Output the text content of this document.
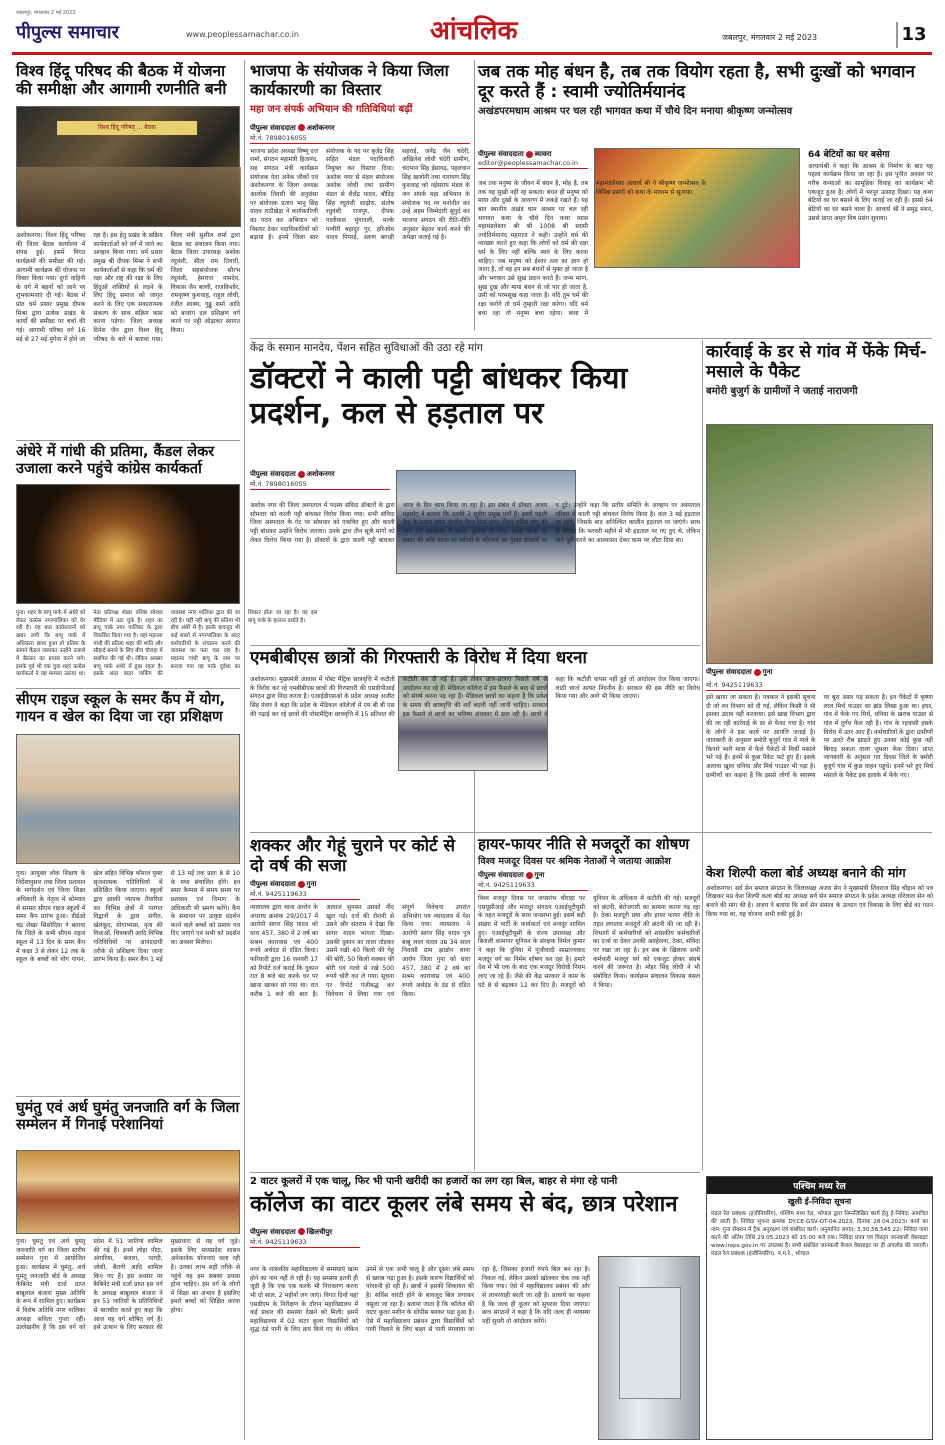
पीपुल्स समाचार
जबलपुर, मंगलवार 2 मई 2023
www.peoplessamachar.co.in	आंचलिक	जबलपुर, मंगलवार 2 मई 2023	13
विश्व हिंदू परिषद की बैठक में योजना की समीक्षा और आगामी रणनीति बनी
विश्व हिंदू परिषद् ... बैठक
अशोकनगर। विश्व हिंदू परिषद की जिला बैठक कार्यालय में संपन्न हुई। इसमें विगत कार्यक्रमों की समीक्षा की गई। आगामी कार्यक्रम की योजना पर विचार किया गया। दुर्गा वाहिनी के वर्ग में बहनों को जाने पर शुभकामनाएं दी गईं। बैठक में प्रांत धर्म प्रसार प्रमुख दीपक मिश्रा द्वारा प्रत्येक प्रखंड के कार्यों की समीक्षा पर चर्चा की गई। आगामी परिषद वर्ग 16 मई से 27 मई मुंगेना में होने जा रहा है। इस हेतु प्रखंड के सक्रिय कार्यकर्ताओं को वर्ग में जाने का आव्हान किया गया। धर्म प्रसार प्रमुख श्री दीपक मिश्रा ने सभी कार्यकर्ताओं से कहा कि धर्म की रक्षा और राष्ट्र की रक्षा के लिए हिंदुओं शक्तियों से लड़ने के लिए हिंदू समाज को जागृत करने के लिए एक सकारात्मक संकल्प के साथ सक्रिय काम करना पड़ेगा। जिला अध्यक्ष दिनेश जैन द्वारा विश्व हिंदू परिषद के बारे में बताया गया। जिला मंत्री सुशील शर्मा द्वारा बैठक का संचालन किया गया। बैठक जिला उपाध्यक्ष अशोक रघुवंशी, सीता राम तिवारी, जिला सहसंयोजक सौरभ रघुवंशी, हेमराज नामदेव, विकास जैन बल्ली, राजकिशोर, रामकृष्ण कुशवाह, राहुल लोधी, रंजीत शाक्य, गुड्डू शर्मा आदि को बजरंग दल प्रशिक्षण वर्ग करने पर पट्टी ओढ़ाकर स्वागत किया।
भाजपा के संयोजक ने किया जिला कार्यकारणी का विस्तार
महा जन संपर्क अभियान की गतिविधियां बढ़ीं
पीपुल्स संवाददाता अशोकनगर
मो.नं. 7898016055
भाजपा प्रदेश अध्यक्ष विष्णु दत्त शर्मा, संगठन महामंत्री हितानंद, सह संगठन मंत्री कार्यक्रम संयोजक नेता अनेक जीकों एवं अशोकनगर के जिला अध्यक्ष आलोक तिवारी की अनुशंसा पर संयोजक प्रताप भानु सिंह यादव राठौखेड़ा ने कार्यकारिणी का गठन कर अभियान को विस्तार देकर पदाधिकारियों को बढ़ाया है। इनमें जिला स्तर संयोजक के पद पर बृजेंद्र सिंह सहित मंडल पदाधिकारी नियुक्त कर विस्तार दिया। अशोक नगर से मंडल संयोजक अशोक लोधी तथा ग्रामीण मंडल से शैलेंद्र यादव, बौदिड़ सिंह रघुवंशी शाढ़ोरा, संतोष रघुवंशी राजपुर, दीपक पालीवाल मुंगावली, मल्के पन्वीरी बहादुर पुर, हरिओम यादव पिपरई, अरुण बागड़ी सहराई, जनेंद्र जैन चंदेरी, अखिलेश लोधी चंदेरी ग्रामीण, चंदभान सिंह ईसागढ़, पहलवान सिंह खजोनी तथा नारायण सिंह कुशवाह को नईसराय मंडल के जन संपर्क महा अभियान के संयोजक पद पर मनोनीत कर उन्हें अहम जिम्मेदारी सुपुर्द कर भाजपा संगठन की रीति-नीति अनुसार बेहतर कार्य करने की अपेक्षा जताई गई है।
जब तक मोह बंधन है, तब तक वियोग रहता है, सभी दुःखों को भगवान दूर करते हैं : स्वामी ज्योतिर्मयानंद
अखंडपरमधाम आश्रम पर चल रही भागवत कथा में चौथे दिन मनाया श्रीकृष्ण जन्मोत्सव
पीपुल्स संवाददाता ब्यावरा
editor@peoplessamachar.co.in
जब तक मनुष्य के जीवन में बंधन है, मोह है, तब तक वह सुखी नहीं रह सकता। बंधन ही मनुष्य को माया और दुखों के आवरण में जकड़े रखते हैं। यह बात स्थानीय अखंड धाम आश्रम पर चल रही भागवत कथा के चौथे दिन कथा व्यास महामंडलेश्वर श्री श्री 1008 श्री स्वामी ज्योतिर्मयानंद महाराज ने कही। उन्होंने धर्म की व्याख्या करते हुए कहा कि लोगों को धर्म की रक्षा धर्म के लिए नहीं बल्कि स्वयं के लिए करना चाहिए। जब मनुष्य को ईश्वर तत्व का ज्ञान हो जाता है, तो वह इन सब बंधनों से मुक्त हो जाता है और भगवान उसे सुख प्रदान करते हैं। जन्म मरण, सुख दुख और माया बंधन से जो पार हो जाता है, उसी को परमसुख कहा जाता है। यदि तुम धर्म की रक्षा करोगे तो धर्म तुम्हारी रक्षा करेगा। यदि धर्म बचा रहा तो मनुष्य बचा रहेगा। कथा में
64 बेटियों का घर बसेगा
आचार्यश्री ने कहा कि आश्रम के निर्माण के बाद यह पहला कार्यक्रम किया जा रहा है। इस पुनीत अवसर पर गरीब कन्याओं का सामूहिक विवाह का कार्यक्रम भी एकजुट हुआ है। लोगों में भरपूर उत्साह दिखा। यह कथा बेटियों का घर बसाने के लिए कराई जा रही है। इससे 64 बेटियों का घर बसने वाला है। आचार्य श्री ने समुद्र मंथन, उससे प्राप्त अमृत विष प्रसंग सुनाया।
केंद्र के समान मानदेय, पेंशन सहित सुविधाओं की उठा रहे मांग
डॉक्टरों ने काली पट्टी बांधकर किया प्रदर्शन, कल से हड़ताल पर
पीपुल्स संवाददाता अशोकनगर
मो.नं. 7898016055
अशोक नगर की जिला अस्पताल में पदस्थ संविदा डॉक्टरों के द्वारा सोमवार को काली पट्टी बांधकर विरोध किया गया। सभी संविदा जिला अस्पताल के गेट पर सोमवार को एकत्रित हुए और काली पट्टी बांधकर उन्होंने विरोध जताया। उनके द्वारा तीन सूत्री मांगों को लेकर विरोध किया गया है। डॉक्टरों के द्वारा काली पट्टी बांधकर आज के दिन काम किया जा रहा है। इस संबंध में डॉक्टर अजय महलोत ने बताया कि उनकी 3 सूत्रीय प्रमुख मांगें हैं। इसमें पहली केंद्र के समान समय मानदेय वेतन दिया जाए। पेंशन स्कीम लागू की जाए एवं अस्पताल में बेहतर सुविधा दी जाए, ताकि किसी भी प्रकार की कोई घटना पर मरीजों के परिजनों का गुस्सा डॉक्टरों पर न टूटे। उन्होंने कहा कि प्रतीय समिति के आव्हान पर अस्पताल परिसर में काली पट्टी बांधकर विरोध किया है। कल 3 मई हड़ताल पर रहेंगे, जिसके बाद अनिश्चित कालीन हड़ताल पर जाएंगे। साथ ही बताया कि फरवरी महीने में भी हड़ताल पर गए हुए थे, लेकिन मांगें पूरी करने का आश्वासन देकर काम पर लौटा दिया था।
कार्रवाई के डर से गांव में फेंके मिर्च-मसाले के पैकेट
बमोरी बुजुर्ग के ग्रामीणों ने जताई नाराजगी
पीपुल्स संवाददाता गुना
मो.नं. 9425119633
इसे खाया जा सकता है। पत्रकार ने इसकी सूचना दी जो वन विभाग को दी गई, लेकिन किसी ने भी इसका उठाव नहीं करवाया। इसे खाद्य विभाग द्वारा की जा रही कार्रवाई के डर से फेंका गया है। गांव के लोगों ने इस कार्य पर आपत्ति जताई है। जानकारी के अनुसार बमोरी बुजुर्ग गांव में नाले के किनारे भारी मात्रा में फैले पैकेटों में मिर्ची मसाले भरे पड़े हैं। इनमें से कुछ पैकेट फटे हुए हैं। इसके अलावा खुला धनिया और मिर्च पाउडर भी पड़ा है। ग्रामीणों का कहना है कि इससे लोगों के स्वास्थ्य पर बुरा असर पड़ सकता है। इन पैकेटों में कृष्णा लाल मिर्च पाउडर का ब्रांड लिखा हुआ था। इधर, गांव में फेंके गए मिर्च, धनिया के खराब पाउडर से गांव में दुर्गंध फैल रही है। गांव के रहवासी इसके विरोध में उतर आए हैं। कर्मचारियों के द्वारा ग्रामीणों पर उलटे रौब झाड़ते हुए उनका कोई कुछ नहीं बिगाड़ सकता वाला जुमला फेंक दिया। प्राप्त जानकारी के अनुसार गत दिवस जिले के बमोरी बुजुर्ग गांव में कुछ वाहन पहुंचे। इनमें भरे हुए मिर्च मसाले के पैकेट इस इलाके में फेंके गए।
अंधेरे में गांधी की प्रतिमा, कैंडल लेकर उजाला करने पहुंचे कांग्रेस कार्यकर्ता
गुना। शहर के बापू पार्क में अंधेरे को लेकर कांग्रेस नगरपालिका को घेर रही है। यह बात कांग्रेसजनों को खबर लगी कि बापू पार्क में अधिकारा छाया हुआ तो प्रतिमा के सामने कैंडल जलाकर उन्होंने उजाले में बैठकर का प्रयास करने लगे। इसके पूर्व भी एक युवा शहर कांग्रेस कार्यकर्ता ने यह मामला उठाया था। नेता प्रतिपक्ष शेखर वशिष्ठ सोशल मीडिया में उठा चुके हैं। शहर का बापू पार्क नगर पालिका के द्वारा विकसित किया गया है। यहां महात्मा गांधी की प्रतिमा शहर की शांति और सौहार्द बनाने के लिए बीच चौराहा में स्थापित की गई थी। लेकिन अक्सर बापू पार्क अंधेरे में डूबा रहता है। इसके अंदर बाहर पार्किंग की व्यवस्था नगर पालिका द्वारा की जा रही है। यहीं नहीं बापू की प्रतिमा भी बीच अंधेरे में है। इसके बावजूद भी कई सालों से नगरपालिका के अंदर कर्मचारियों के संचालन करने की व्यवस्था का पता चल रहा है। महात्मा गांधी बापू के नाम पर बनाया गया यह पार्क दुर्दशा का शिकार होता जा रहा है। यह इस बापू पार्क के हालात दर्शाते हैं।
एमबीबीएस छात्रों की गिरफ्तारी के विरोध में दिया धरना
अशोकनगर। मुख्यमंत्री आवास में पोस्ट मैट्रिक छात्रवृत्ति में कटौती के विरोध कर रहे एमबीबीएस छात्रों की गिरफ्तारी की एसडीपीआई संगठन द्वारा निंदा करता है। एआईडीएसओ के प्रदेश अध्यक्ष अजीत सिंह पंवार ने कहा कि प्रदेश के मेडिकल कॉलेजों में एम बी बी एस की पढ़ाई कर रहे छात्रों की पोस्टमैट्रिक छात्रवृत्ति में 15 प्रतिशत की कटौती कर दी गई है। इसे लेकर छात्र-छात्राएं पिछले वर्ष से आंदोलन कर रहे हैं। मेडिकल कॉलेज में इस फैसले के बाद से छात्रों को संघर्ष करना पड़ रहा है। मेडिकल छात्रों का कहना है कि प्रवेश के समय की छात्रवृत्ति की शर्तें बदली नहीं जानी चाहिए। सरकार इस फैसले से छात्रों का भविष्य अंधकार में डाल रही है। छात्रों ने कहा कि कटौती वापस नहीं हुई तो आंदोलन तेज किया जाएगा। लाठी चार्ज अत्यंत निंदनीय है। सरकार की इस नीति का विरोध किया गया और आगे भी किया जाएगा।
सीएम राइज स्कूल के समर कैंप में योग, गायन व खेल का दिया जा रहा प्रशिक्षण
गुना। आयुक्त लोक शिक्षण के निर्देशानुसार तथा जिला प्रशासन के मार्गदर्शन एवं जिला शिक्षा अधिकारी के नेतृत्व में सोमवार से समस्त सीएम राइज स्कूलों में समर कैंप प्रारंभ हुआ। डीईओ चंद्र शेखर सिसोदिया ने बताया कि जिले के सभी सीएम राइज स्कूल में 13 दिन के समर कैंप में कक्षा 3 से लेकर 12 तक के स्कूल के बच्चों को योग गायन, खेल सहित विभिन्न कौशल युक्त सृजनात्मक गतिविधियों में प्रशिक्षित किया जाएगा। स्कूलों द्वारा इसकी व्यापक तैयारियां कर विभिन्न क्षेत्रों में पारंगत विद्वानों के द्वारा संगीत, खेलकूद, योगाभ्यास, नृत्य की विधाओं, चित्रकारी आदि विभिन्न गतिविधियों पर आनंददायी तरीके से प्रशिक्षण दिया जाना प्रारंभ किया है। समर कैंप 1 मई से 13 मई तक प्रातः 8 से 10 के मध्य संचालित होंगे। इन समर कैम्पस में समय समय पर प्रशासन एवं विभाग के अधिकारी भी भ्रमण करेंगे। कैंप के समापन पर उत्कृष्ट प्रदर्शन करने वाले बच्चों को प्रमाण पत्र दिए जाएंगे एवं सभी को प्रदर्शन का अवसर मिलेगा।
केश शिल्पी कला बोर्ड अध्यक्ष बनाने की मांग
अशोकनगर। सर्व सेन समाज संगठन के जिलाध्यक्ष अजय सेन ने मुख्यमंत्री शिवराज सिंह चौहान को पत्र लिखकर मप्र केश शिल्पी कला बोर्ड का अध्यक्ष सर्व सेन समाज संगठन के प्रदेश अध्यक्ष गोरेलाल सेन को बनाने की मांग की है। अजय ने बताया कि सर्व सेन समाज के उत्थान एवं विकास के लिए बोर्ड का गठन किया गया था, यह योजना अभी रुकी हुई है।
शक्कर और गेहूं चुराने पर कोर्ट से दो वर्ष की सजा
पीपुल्स संवाददाता गुना
मो.नं. 9425119633
न्यायालय द्वारा थाना आरोन के अपराध क्रमांक 29/2017 में आरोपी सागर सिंह यादव को धारा 457, 380 में 2 वर्ष का सश्रम कारावास एवं 400 रुपये अर्थदंड से दंडित किया। फरियादी द्वारा 16 जनवरी 17 को रिपोर्ट दर्ज कराई कि दुकान रात 8 बजे बंद करके घर पर खाना खाकर सो गया था। रात करीब 1 बजे की बात है। आवाज सुनकर उसको नींद खुल गई। दर्ज की रोशनी से उसने और संतराम ने देखा कि सागर यादव भागता दिखा। उसकी दुकान का ताला तोड़कर उसमें रखी 40 किलो की गेहूं की बोरी, 50 किलो शक्कर की बोरी एवं गल्ले से रखे 500 रुपये चोरी कर ले गया। सूचना पर रिपोर्ट पंजीबद्ध कर विवेचना में लिया गया एवं संपूर्ण विवेचना उपरांत अभियोग पत्र न्यायालय में पेश किया गया। न्यायालय ने आरोपी सागर सिंह यादव पुत्र बाबु लाल यादव उम्र 34 साल निवासी ग्राम झाडोन थाना आरोन जिला गुना को धारा 457, 380 में 2 वर्ष का सश्रम कारावास एवं 400 रुपये अर्थदंड के दंड से दंडित किया।
हायर-फायर नीति से मजदूरों का शोषण
विश्व मजदूर दिवस पर श्रमिक नेताओं ने जताया आक्रोश
पीपुल्स संवाददाता गुना
मो.नं. 9425119633
विश्व मजदूर दिवस पर जयस्तंभ चौराहा पर एसयूसीआई और मजदूर संगठन एआईयूटीयूसी के तहत मजदूरों के साथ जनसभा हुई। इसमें बड़ी संख्या में पार्टी के कार्यकर्ता एवं मजदूर शामिल हुए। एआईयूटीयूसी के राज्य उपाध्यक्ष और बिजली कामगार यूनियन के संरक्षक निर्मल कुमार ने कहा कि दुनिया में पूंजीवादी साम्राज्यवाद मजदूर वर्ग का निर्मम शोषण कर रहा है। हमारे देश में भी एक के बाद एक मजदूर विरोधी नियम लाए जा रहे हैं। जैसे की केंद्र सरकार ने काम के घंटे 8 से बढ़ाकर 12 कर दिए हैं। मजदूरों को यूनियन के अधिकार में कटौती की गई। मजदूरों को छंटनी, बेरोजगारी का सामना करना पड़ रहा है। ठेका मजदूरी प्रथा और हायर फायर नीति के तहत लगातार मजदूरों की छंटनी की जा रही है। विभागों में कर्मचारियों को शासकीय कर्मचारियों का दर्जा ना देकर उनकी अवहेलना, ठेका, संविदा पर रखा जा रहा है। इन सब के खिलाफ सभी कर्मचारी मजदूर वर्ग को एकजुट होकर संघर्ष करने की जरूरत है। मोहर सिंह लोधी ने भी संबोधित किया। कार्यक्रम संचालन विकास बंसल ने किया।
घुमंतु एवं अर्ध घुमंतु जनजाति वर्ग के जिला सम्मेलन में गिनाई परेशानियां
गुना। घुमंतु एवं अर्ध घुमंतु जनजाति वर्ग का जिला स्तरीय सम्मेलन गुना में आयोजित हुआ। कार्यक्रम में घुमंतु, अर्ध घुमंतु जनजाति बोर्ड के अध्यक्ष कैबिनेट मंत्री दर्जा प्राप्त बाबूलाल बंजारा मुख्य अतिथि के रूप में शामिल हुए। कार्यक्रम में विशेष अतिथि नगर पालिका अध्यक्ष सविता गुप्ता रहीं। उल्लेखनीय है कि इस वर्ग को प्रदेश में 51 जातियां शामिल की गई हैं। इनमें लोहा पीटा, अंगारिया, बंजारा, पारदी, जोशी, बैरागी आदि शामिल किए गए हैं। इस अवसर पर कैबिनेट मंत्री दर्जा प्राप्त इस वर्ग के अध्यक्ष बाबूलाल बंजारा ने इन 51 जातियों के प्रतिनिधियों से बातचीत करते हुए कहा कि आज यह वर्ग शोषित वर्ग है। इसे उत्थान के लिए सरकार की मुख्यधारा से यह वर्ग जुड़े। इसके लिए मध्यप्रदेश शासन अनेकानेक योजनाएं चला रही है। उनका लाभ सही तरीके से पहुंचे यह हम सबका प्रयास होना चाहिए। इस वर्ग के लोगों में शिक्षा का अभाव है इसलिए हमारे बच्चों को शिक्षित करना होगा।
2 वाटर कूलरों में एक चालू, फिर भी पानी खरीदी का हजारों का लग रहा बिल, बाहर से मंगा रहे पानी
कॉलेज का वाटर कूलर लंबे समय से बंद, छात्र परेशान
पीपुल्स संवाददाता खिलचीपुर
मो.नं. 9425119633
नगर के शासकीय महाविद्यालय में समस्याएं खत्म होने का नाम नहीं ले रही हैं। यह समस्या इतनी ही जुड़ी है कि एक एक करके भी निराकरण करना भी दो साल, 2 महीनों लग जाएं। विगत दिनों यहां एसडीएम के निरीक्षण के दौरान महाविद्यालय में कई प्रकार की समस्या देखने को मिली। इसमें महाविद्यालय में 02 वाटर कूलर विद्यार्थियों को शुद्ध ठंडे पानी के लिए क्रय किये गए थे। लेकिन उनमें से एक अभी चालू है और दूसरा लंबे समय से खराब पड़ा हुआ है। इसके कारण विद्यार्थियों को परेशानी हो रही है। छात्रों ने इसकी शिकायत की है। सर्विस वारंटी होने के बावजूद बिल लगाकर वसूला जा रहा है। बताया जाता है कि कॉलेज की वाटर कूलर मशीन के शोपीस बनकर पड़ा हुआ है। ऐसे में महाविद्यालय प्रबंधन द्वारा विद्यार्थियों को पानी पिलाने के लिए बाहर से पानी मंगवाया जा रहा है, जिसका हजारों रुपये बिल बन रहा है। निकल गई, लेकिन उसको खोलकर चेक तक नहीं किया गया। ऐसे में महाविद्यालय प्रबंधन की ओर से लापरवाही बरती जा रही है। प्राचार्य का कहना है कि जल्द ही कूलर को सुधरवा दिया जाएगा। छात्र संगठनों ने कहा है कि यदि जल्द ही व्यवस्था नहीं सुधरी तो आंदोलन करेंगे।
पश्चिम मध्य रेल
खुली ई-निविदा सूचना
मंडल रेल प्रबंधक (इंजीनियरिंग), पश्चिम मध्य रेल, भोपाल द्वारा निम्नलिखित कार्य हेतु ई-निविदा आमंत्रित की जाती है। निविदा सूचना क्रमांक DY.CE-GSV-OT-04-2023, दिनांक 28.04.2023। कार्य का नाम: गुना सेक्शन में ट्रैक अनुरक्षण एवं संबंधित कार्य। अनुमानित लागत: 3,30,56,545.22। निविदा जमा करने की अंतिम तिथि 29.05.2023 को 15:00 बजे तक। निविदा प्रपत्र एवं विस्तृत जानकारी वेबसाइट www.ireps.gov.in पर उपलब्ध है। सभी संबंधित जानकारी केवल वेबसाइट पर ही अपलोड की जाएगी। मंडल रेल प्रबंधक (इंजीनियरिंग), प.म.रे., भोपाल
